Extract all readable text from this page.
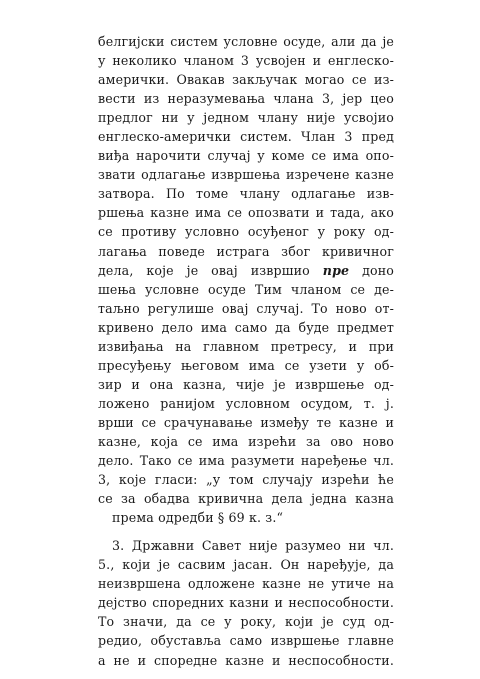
белгијски систем условне осуде, али да је
у неколико чланом 3 усвојен и енглеско-
амерички. Овакав закључак могао се из-
вести из неразумевања члана 3, јер цео
предлог ни у једном члану није усвојио
енглеско-амерички систем. Члан 3 пред
виђа нарочити случај у коме се има опо-
звати одлагање извршења изречене казне
затвора. По томе члану одлагање изв-
ршења казне има се опозвати и тада, ако
се противу условно осуђеног у року од-
лагања поведе истрага због кривичног
дела, које је овај извршио пре доно
шења условне осуде Тим чланом се де-
таљно регулише овај случај. То ново от-
кривено дело има само да буде предмет
извиђања на главном претресу, и при
пресуђењу његовом има се узети у об-
зир и она казна, чије је извршење од-
ложено ранијом условном осудом, т. ј.
врши се срачунавање између те казне и
казне, која се има изрећи за ово ново
дело. Тако се има разумети наређење чл.
3, које гласи: „у том случају изрећи ће
се за обадва кривична дела једна казна
према одредби § 69 к. з.“
3. Државни Савет није разумео ни чл.
5., који је сасвим јасан. Он наређује, да
неизвршена одложене казне не утиче на
дејство споредних казни и неспособности.
То значи, да се у року, који је суд од-
редио, обуставља само извршење главне
а не и споредне казне и неспособности.
